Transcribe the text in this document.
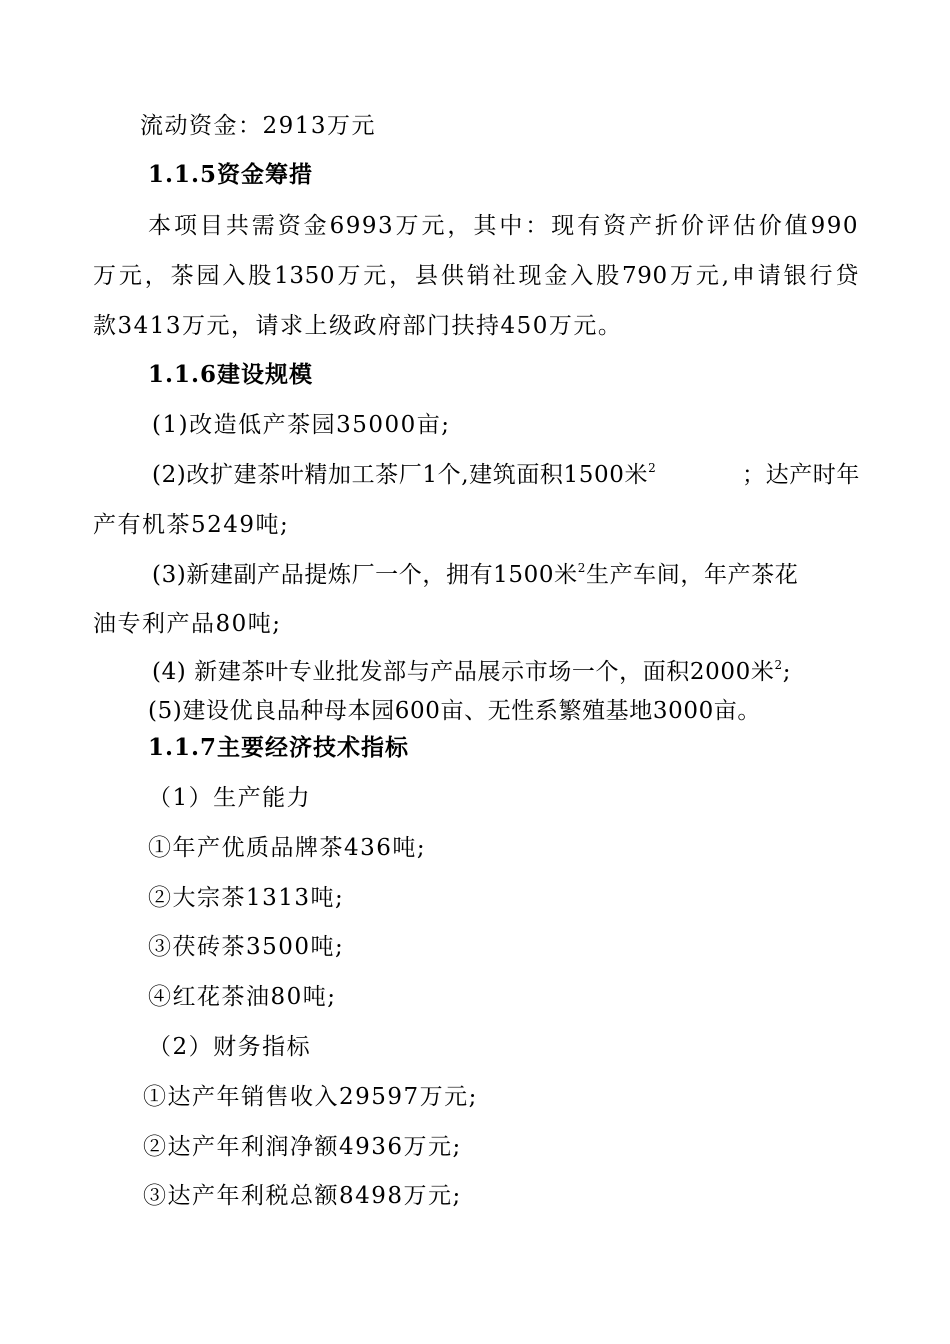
流动资金：2913万元
1.1.5资金筹措
本项目共需资金6993万元，其中：现有资产折价评估价值990
万元，茶园入股1350万元，县供销社现金入股790万元,申请银行贷
款3413万元，请求上级政府部门扶持450万元。
1.1.6建设规模
(1)改造低产茶园35000亩;
(2)改扩建茶叶精加工茶厂1个,建筑面积1500米$^2$	；达产时年
产有机茶5249吨;
(3)新建副产品提炼厂一个，拥有1500米$^2$生产车间，年产茶花
油专利产品80吨;
(4) 新建茶叶专业批发部与产品展示市场一个，面积2000米$^2$;
(5)建设优良品种母本园600亩、无性系繁殖基地3000亩。
1.1.7主要经济技术指标
（1）生产能力
①年产优质品牌茶436吨;
②大宗茶1313吨;
③茯砖茶3500吨;
④红花茶油80吨;
（2）财务指标
①达产年销售收入29597万元;
②达产年利润净额4936万元;
③达产年利税总额8498万元;
